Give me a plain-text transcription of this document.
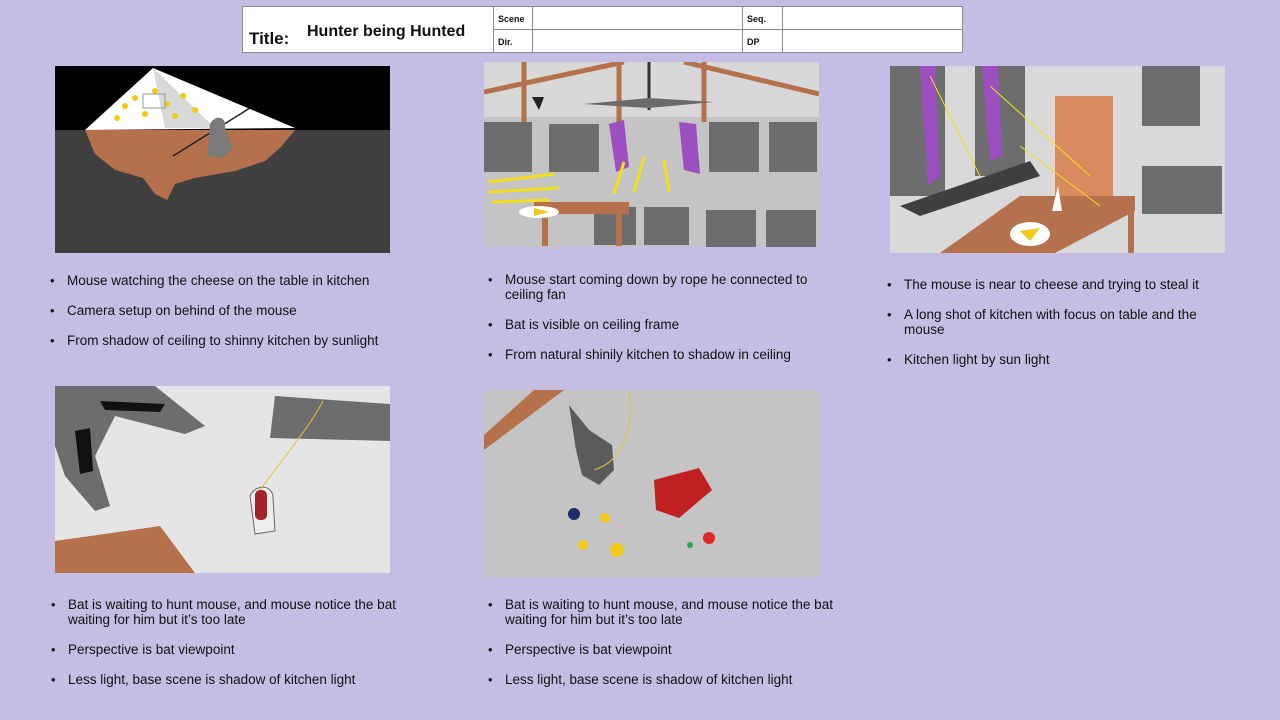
Title: Hunter being Hunted
Scene	Seq.
Dir.	DP
• Mouse watching the cheese on the table in kitchen
• Camera setup on behind of the mouse
• From shadow of ceiling to shinny kitchen by sunlight
• Mouse start coming down by rope he connected to ceiling fan
• Bat is visible on ceiling frame
• From natural shinily kitchen to shadow in ceiling
• The mouse is near to cheese and trying to steal it
• A long shot of kitchen with focus on table and the mouse
• Kitchen light by sun light
• Bat is waiting to hunt mouse, and mouse notice the bat waiting for him but it’s too late
• Perspective is bat viewpoint
• Less light, base scene is shadow of kitchen light
• Bat is waiting to hunt mouse, and mouse notice the bat waiting for him but it’s too late
• Perspective is bat viewpoint
• Less light, base scene is shadow of kitchen light
